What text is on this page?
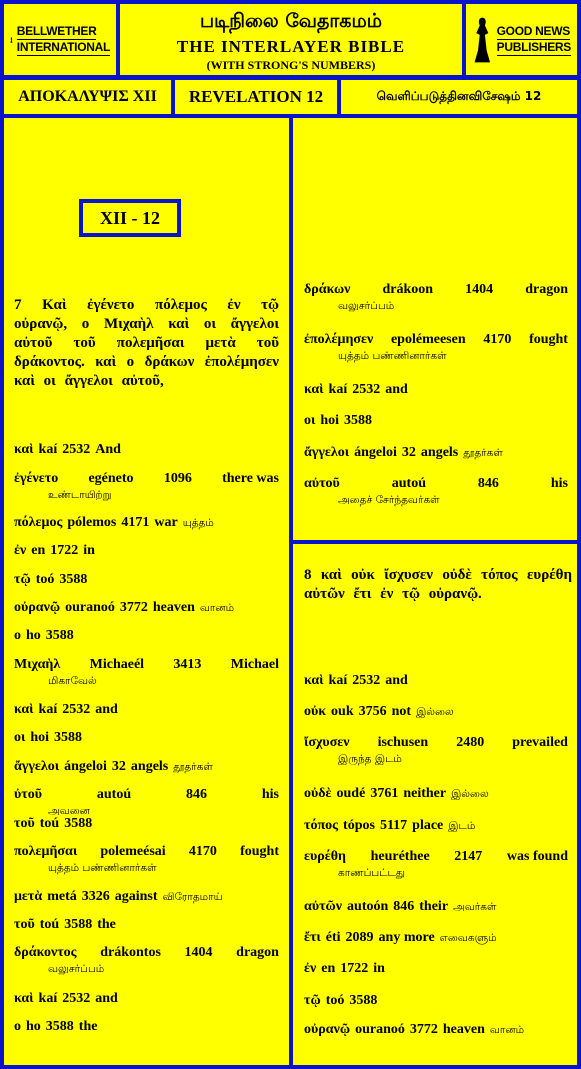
BELLWETHER
INTERNATIONAL
படிநிலை வேதாகமம்
THE INTERLAYER BIBLE
(WITH STRONG'S NUMBERS)
GOOD NEWS
PUBLISHERS
ΑΠΟΚΑΛΥΨΙΣ XII	REVELATION 12	வெளிப்படுத்தினவிசேஷம் 12
XII - 12
7 Καὶ ἐγένετο πόλεμος ἐν τῷ οὐρανῷ, ο Μιχαὴλ καὶ οι ἄγγελοι αὐτοῦ τοῦ πολεμῆσαι μετὰ τοῦ δράκοντος. καὶ ο δράκων ἐπολέμησεν καὶ οι ἄγγελοι αὐτοῦ,
8 καὶ οὐκ ἴσχυσεν οὐδὲ τόπος ευρέθη αὐτῶν ἔτι ἐν τῷ οὐρανῷ.
καὶ kaí 2532 And
ἐγένετο egéneto 1096 there was
உண்டாயிற்று
πόλεμος pólemos 4171 war யுத்தம்
ἐν en 1722 in
τῷ toó 3588
οὐρανῷ ouranoó 3772 heaven வானம்
ο ho 3588
Μιχαὴλ Michaeél 3413 Michael
மிகாவேல்
καὶ kaí 2532 and
οι hoi 3588
ἄγγελοι ángeloi 32 angels தூதர்கள்
ὐτοῦ	autoú	846	his
அவனை
τοῦ toú 3588
πολεμῆσαι polemeésai 4170 fought
யுத்தம் பண்ணினார்கள்
μετὰ metá 3326 against விரோதமாய்
τοῦ toú 3588 the
δράκοντος drákontos 1404 dragon
வலுசர்ப்பம்
καὶ kaí 2532 and
ο ho 3588 the
δράκων drákoon 1404 dragon
வலுசர்ப்பம்
ἐπολέμησεν epolémeesen 4170 fought
யுத்தம் பண்ணினார்கள்
καὶ kaí 2532 and
οι hoi 3588
ἄγγελοι ángeloi 32 angels தூதர்கள்
αὐτοῦ	autoú	846	his
அதைச் சேர்ந்தவர்கள்
καὶ kaí 2532 and
οὐκ ouk 3756 not இல்லை
ἴσχυσεν ischusen 2480 prevailed
இருந்த இடம்
οὐδὲ oudé 3761 neither இல்லை
τόπος tópos 5117 place இடம்
ευρέθη heuréthee 2147 was found
காணப்பட்டது
αὐτῶν autoón 846 their அவர்கள்
ἔτι éti 2089 any more எவைகளும்
ἐν en 1722 in
τῷ toó 3588
οὐρανῷ ouranoó 3772 heaven வானம்
